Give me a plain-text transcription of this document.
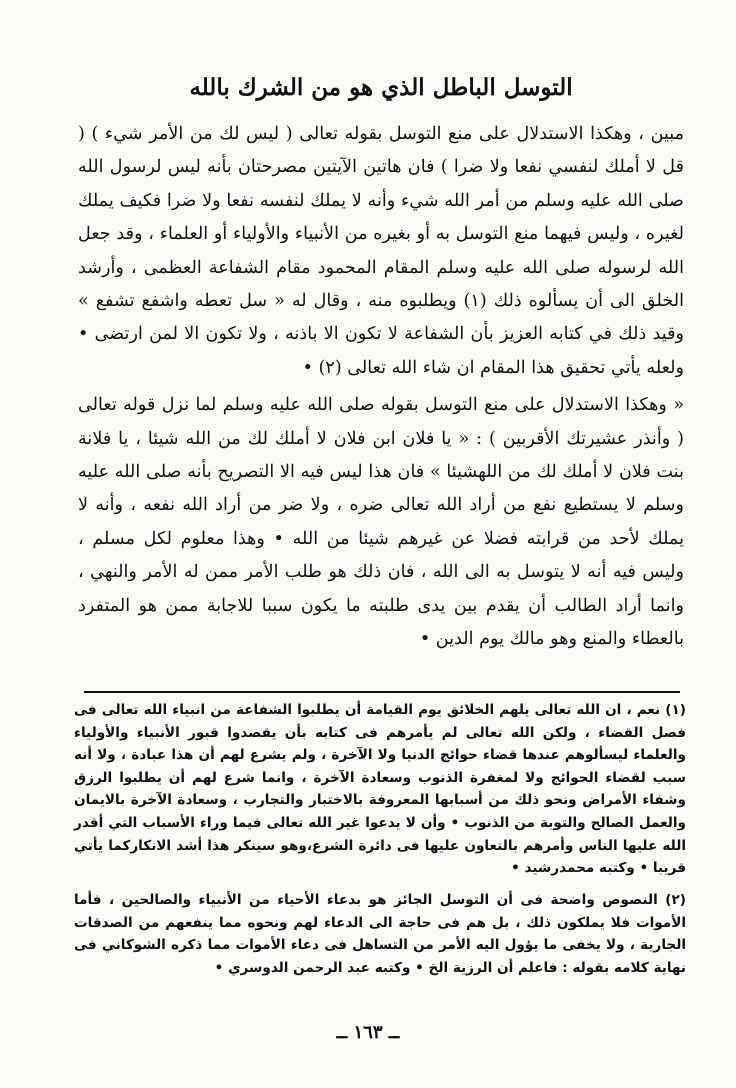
التوسل الباطل الذي هو من الشرك بالله

مبين ، وهكذا الاستدلال على منع التوسل بقوله تعالى ( ليس لك من الأمر شيء ) ( قل لا أملك لنفسي نفعا ولا ضرا ) فان هاتين الآيتين مصرحتان بأنه ليس لرسول الله صلى الله عليه وسلم من أمر الله شيء وأنه لا يملك لنفسه نفعا ولا ضرا فكيف يملك لغيره ، وليس فيهما منع التوسل به أو بغيره من الأنبياء والأولياء أو العلماء ، وقد جعل الله لرسوله صلى الله عليه وسلم المقام المحمود مقام الشفاعة العظمى ، وأرشد الخلق الى أن يسألوه ذلك (١) ويطلبوه منه ، وقال له « سل تعطه واشفع تشفع » وقيد ذلك في كتابه العزيز بأن الشفاعة لا تكون الا باذنه ، ولا تكون الا لمن ارتضى • ولعله يأتي تحقيق هذا المقام ان شاء الله تعالى (٢) •

« وهكذا الاستدلال على منع التوسل بقوله صلى الله عليه وسلم لما نزل قوله تعالى ( وأنذر عشيرتك الأقربين ) : « يا فلان ابن فلان لا أملك لك من الله شيئا ، يا فلانة بنت فلان لا أملك لك من اللهشيئا » فان هذا ليس فيه الا التصريح بأنه صلى الله عليه وسلم لا يستطيع نفع من أراد الله تعالى ضره ، ولا ضر من أراد الله نفعه ، وأنه لا يملك لأحد من قرابته فضلا عن غيرهم شيئا من الله • وهذا معلوم لكل مسلم ، وليس فيه أنه لا يتوسل به الى الله ، فان ذلك هو طلب الأمر ممن له الأمر والنهي ، وانما أراد الطالب أن يقدم بين يدى طلبته ما يكون سببا للاجابة ممن هو المتفرد بالعطاء والمنع وهو مالك يوم الدين •

(١) نعم ، ان الله تعالى يلهم الخلائق يوم القيامة أن يطلبوا الشفاعة من انبياء الله تعالى فى فصل القضاء ، ولكن الله تعالى لم يأمرهم فى كتابه بأن يقصدوا قبور الأنبياء والأولياء والعلماء ليسألوهم عندها قضاء حوائج الدنيا ولا الآخرة ، ولم يشرع لهم أن هذا عبادة ، ولا أنه سبب لقضاء الحوائج ولا لمغفرة الذنوب وسعادة الآخرة ، وانما شرع لهم أن يطلبوا الرزق وشفاء الأمراض ونحو ذلك من أسبابها المعروفة بالاختبار والتجارب ، وسعادة الآخرة بالايمان والعمل الصالح والتوبة من الذنوب • وأن لا يدعوا غير الله تعالى فيما وراء الأسباب التي أقدر الله عليها الناس وأمرهم بالتعاون عليها فى دائرة الشرع،وهو سينكر هذا أشد الانكاركما يأتي قريبا • وكتبه محمدرشيد •

(٢) النصوص واضحة فى أن التوسل الجائز هو بدعاء الأحياء من الأنبياء والصالحين ، فأما الأموات فلا يملكون ذلك ، بل هم فى حاجة الى الدعاء لهم ونحوه مما ينفعهم من الصدقات الجارية ، ولا يخفى ما يؤول اليه الأمر من التساهل فى دعاء الأموات مما ذكره الشوكاني فى نهاية كلامه بقوله : فاعلم أن الرزية الخ • وكتبه عبد الرحمن الدوسري •

ــ ١٦٣ ــ
